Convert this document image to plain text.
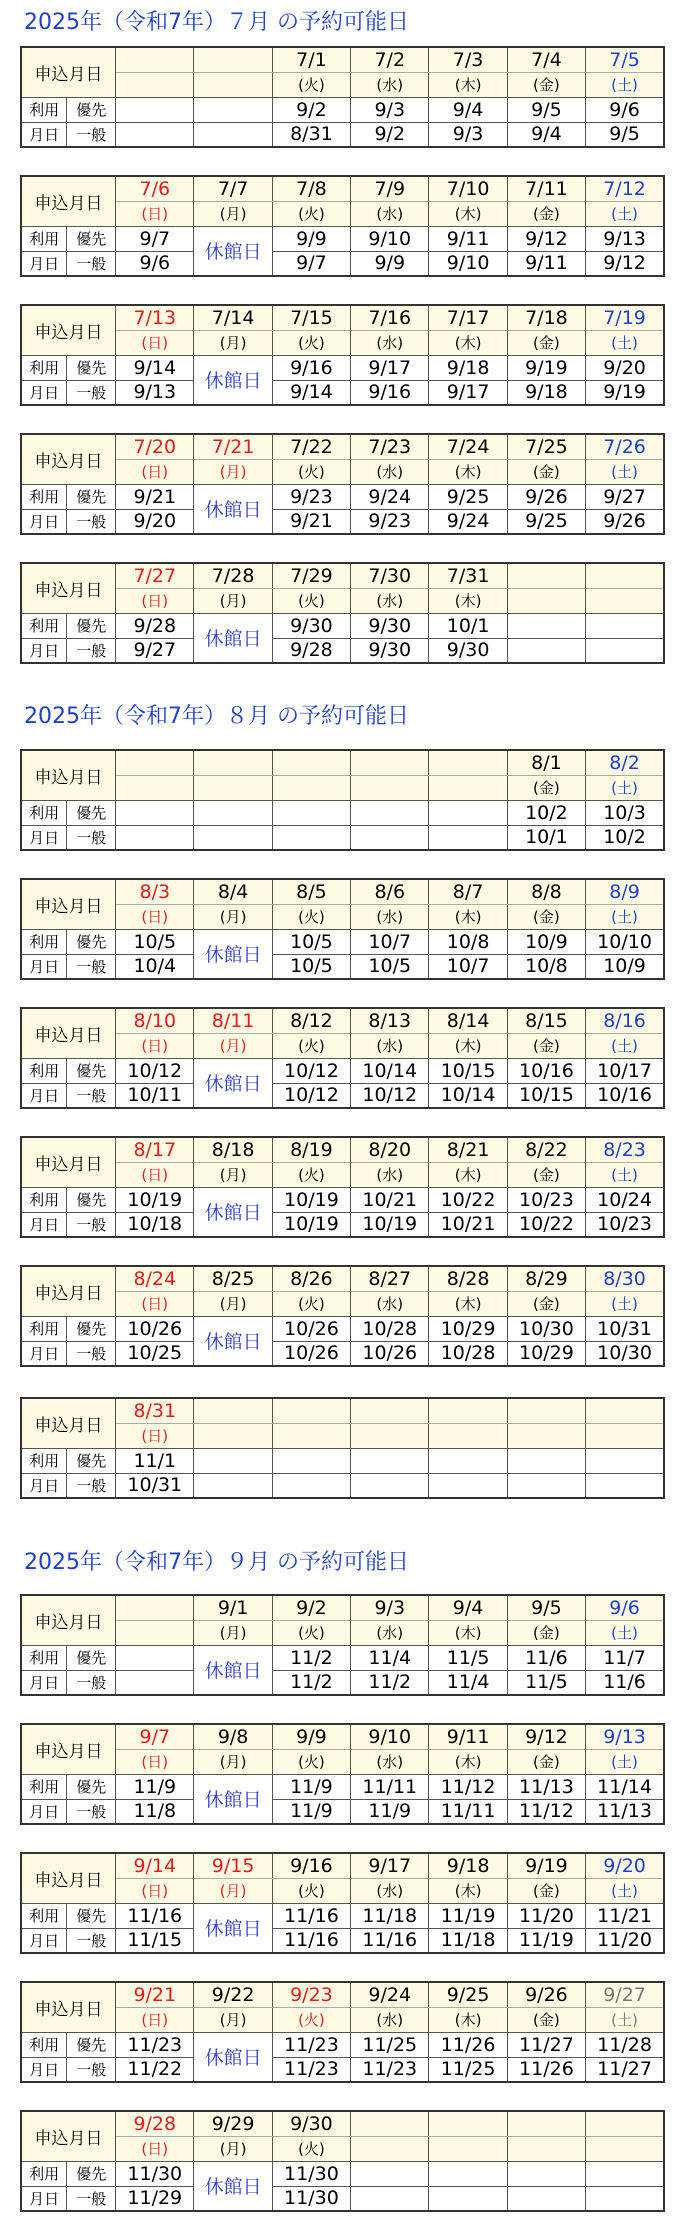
2025年（令和7年）７月 の予約可能日
申込月日				7/1	7/2	7/3	7/4	7/5
				(火)	(水)	(木)	(金)	(土)
利用	優先			9/2	9/3	9/4	9/5	9/6
月日	一般			8/31	9/2	9/3	9/4	9/5
申込月日		7/6	7/7	7/8	7/9	7/10	7/11	7/12
		(日)	(月)	(火)	(水)	(木)	(金)	(土)
利用	優先	9/7	休館日	9/9	9/10	9/11	9/12	9/13
月日	一般	9/6		9/7	9/9	9/10	9/11	9/12
申込月日		7/13	7/14	7/15	7/16	7/17	7/18	7/19
		(日)	(月)	(火)	(水)	(木)	(金)	(土)
利用	優先	9/14	休館日	9/16	9/17	9/18	9/19	9/20
月日	一般	9/13		9/14	9/16	9/17	9/18	9/19
申込月日		7/20	7/21	7/22	7/23	7/24	7/25	7/26
		(日)	(月)	(火)	(水)	(木)	(金)	(土)
利用	優先	9/21	休館日	9/23	9/24	9/25	9/26	9/27
月日	一般	9/20		9/21	9/23	9/24	9/25	9/26
申込月日		7/27	7/28	7/29	7/30	7/31		
		(日)	(月)	(火)	(水)	(木)		
利用	優先	9/28	休館日	9/30	9/30	10/1		
月日	一般	9/27		9/28	9/30	9/30		
2025年（令和7年）８月 の予約可能日
申込月日							8/1	8/2
							(金)	(土)
利用	優先						10/2	10/3
月日	一般						10/1	10/2
申込月日		8/3	8/4	8/5	8/6	8/7	8/8	8/9
		(日)	(月)	(火)	(水)	(木)	(金)	(土)
利用	優先	10/5	休館日	10/5	10/7	10/8	10/9	10/10
月日	一般	10/4		10/5	10/5	10/7	10/8	10/9
申込月日		8/10	8/11	8/12	8/13	8/14	8/15	8/16
		(日)	(月)	(火)	(水)	(木)	(金)	(土)
利用	優先	10/12	休館日	10/12	10/14	10/15	10/16	10/17
月日	一般	10/11		10/12	10/12	10/14	10/15	10/16
申込月日		8/17	8/18	8/19	8/20	8/21	8/22	8/23
		(日)	(月)	(火)	(水)	(木)	(金)	(土)
利用	優先	10/19	休館日	10/19	10/21	10/22	10/23	10/24
月日	一般	10/18		10/19	10/19	10/21	10/22	10/23
申込月日		8/24	8/25	8/26	8/27	8/28	8/29	8/30
		(日)	(月)	(火)	(水)	(木)	(金)	(土)
利用	優先	10/26	休館日	10/26	10/28	10/29	10/30	10/31
月日	一般	10/25		10/26	10/26	10/28	10/29	10/30
申込月日		8/31						
		(日)						
利用	優先	11/1						
月日	一般	10/31						
2025年（令和7年）９月 の予約可能日
申込月日			9/1	9/2	9/3	9/4	9/5	9/6
			(月)	(火)	(水)	(木)	(金)	(土)
利用	優先		休館日	11/2	11/4	11/5	11/6	11/7
月日	一般			11/2	11/2	11/4	11/5	11/6
申込月日		9/7	9/8	9/9	9/10	9/11	9/12	9/13
		(日)	(月)	(火)	(水)	(木)	(金)	(土)
利用	優先	11/9	休館日	11/9	11/11	11/12	11/13	11/14
月日	一般	11/8		11/9	11/9	11/11	11/12	11/13
申込月日		9/14	9/15	9/16	9/17	9/18	9/19	9/20
		(日)	(月)	(火)	(水)	(木)	(金)	(土)
利用	優先	11/16	休館日	11/16	11/18	11/19	11/20	11/21
月日	一般	11/15		11/16	11/16	11/18	11/19	11/20
申込月日		9/21	9/22	9/23	9/24	9/25	9/26	9/27
		(日)	(月)	(火)	(水)	(木)	(金)	(土)
利用	優先	11/23	休館日	11/23	11/25	11/26	11/27	11/28
月日	一般	11/22		11/23	11/23	11/25	11/26	11/27
申込月日		9/28	9/29	9/30				
		(日)	(月)	(火)				
利用	優先	11/30	休館日	11/30				
月日	一般	11/29		11/30				
